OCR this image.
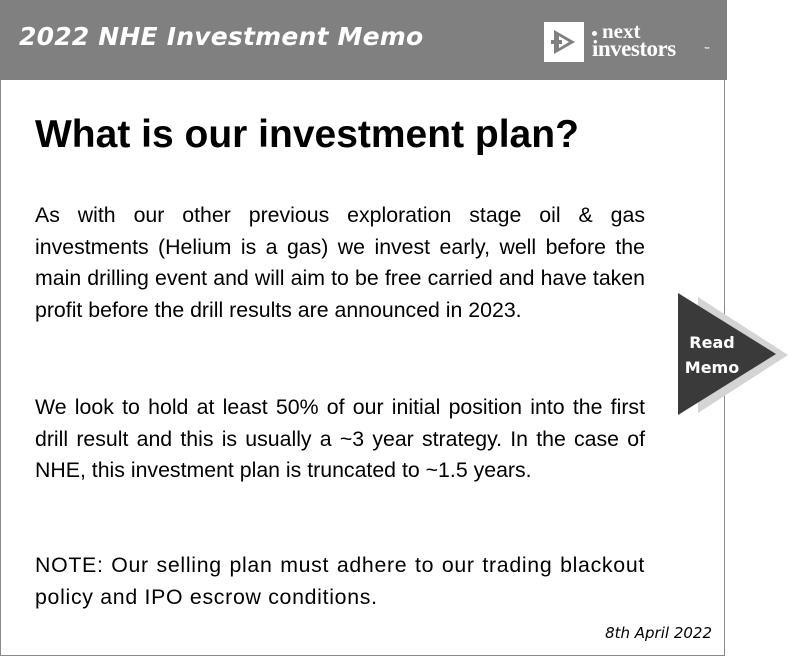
2022 NHE Investment Memo	next
investors	™
What is our investment plan?

As with our other previous exploration stage oil & gas investments (Helium is a gas) we invest early, well before the main drilling event and will aim to be free carried and have taken profit before the drill results are announced in 2023.

We look to hold at least 50% of our initial position into the first drill result and this is usually a ~3 year strategy. In the case of NHE, this investment plan is truncated to ~1.5 years.

NOTE: Our selling plan must adhere to our trading blackout policy and IPO escrow conditions.

8th April 2022
Read
Memo
